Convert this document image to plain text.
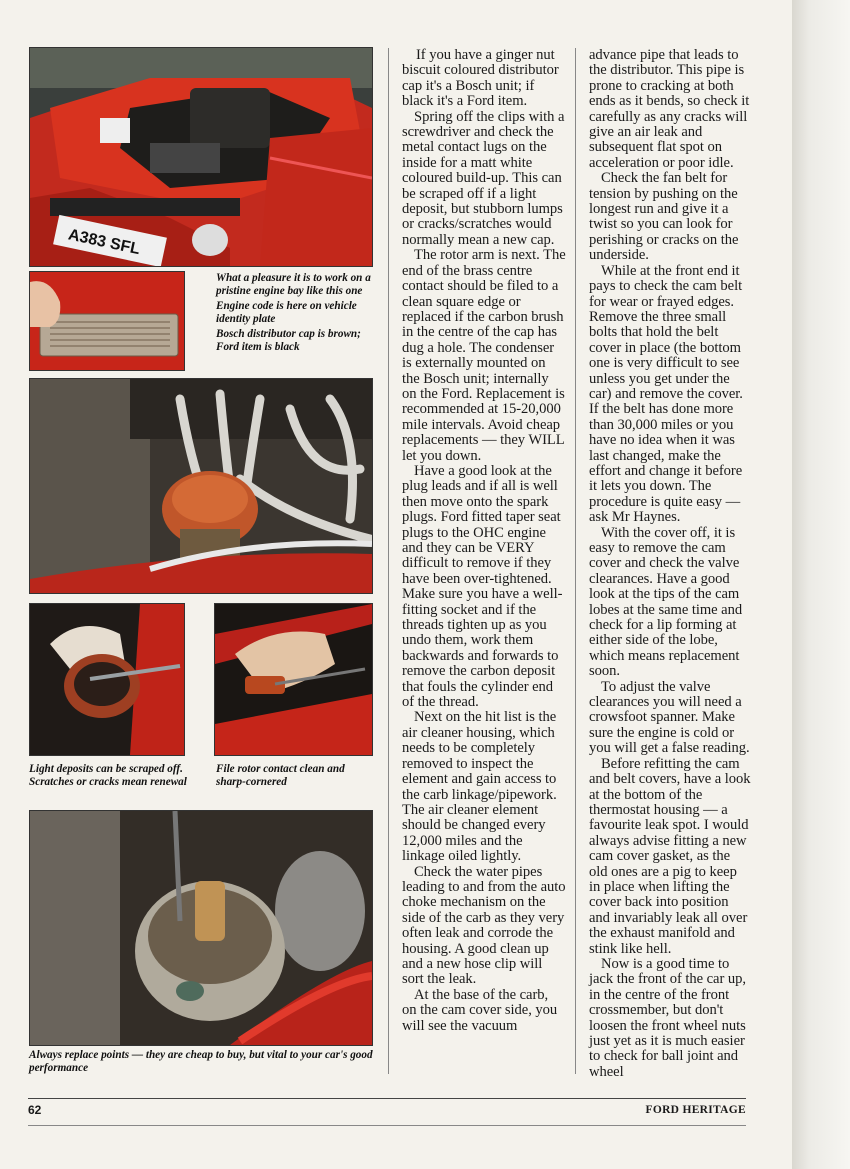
A383 SFL

What a pleasure it is to work on a pristine engine bay like this one

Engine code is here on vehicle identity plate

Bosch distributor cap is brown; Ford item is black

Light deposits can be scraped off. Scratches or cracks mean renewal
File rotor contact clean and sharp-cornered
Always replace points — they are cheap to buy, but vital to your car's good performance

If you have a ginger nut biscuit coloured distributor cap it's a Bosch unit; if black it's a Ford item.

Spring off the clips with a screwdriver and check the metal contact lugs on the inside for a matt white coloured build-up. This can be scraped off if a light deposit, but stubborn lumps or cracks/scratches would normally mean a new cap.

The rotor arm is next. The end of the brass centre contact should be filed to a clean square edge or replaced if the carbon brush in the centre of the cap has dug a hole. The condenser is externally mounted on the Bosch unit; internally on the Ford. Replacement is recommended at 15-20,000 mile intervals. Avoid cheap replacements — they WILL let you down.

Have a good look at the plug leads and if all is well then move onto the spark plugs. Ford fitted taper seat plugs to the OHC engine and they can be VERY difficult to remove if they have been over-tightened. Make sure you have a well-fitting socket and if the threads tighten up as you undo them, work them backwards and forwards to remove the carbon deposit that fouls the cylinder end of the thread.

Next on the hit list is the air cleaner housing, which needs to be completely removed to inspect the element and gain access to the carb linkage/pipework. The air cleaner element should be changed every 12,000 miles and the linkage oiled lightly.

Check the water pipes leading to and from the auto choke mechanism on the side of the carb as they very often leak and corrode the housing. A good clean up and a new hose clip will sort the leak.

At the base of the carb, on the cam cover side, you will see the vacuum

advance pipe that leads to the distributor. This pipe is prone to cracking at both ends as it bends, so check it carefully as any cracks will give an air leak and subsequent flat spot on acceleration or poor idle.

Check the fan belt for tension by pushing on the longest run and give it a twist so you can look for perishing or cracks on the underside.

While at the front end it pays to check the cam belt for wear or frayed edges. Remove the three small bolts that hold the belt cover in place (the bottom one is very difficult to see unless you get under the car) and remove the cover. If the belt has done more than 30,000 miles or you have no idea when it was last changed, make the effort and change it before it lets you down. The procedure is quite easy — ask Mr Haynes.

With the cover off, it is easy to remove the cam cover and check the valve clearances. Have a good look at the tips of the cam lobes at the same time and check for a lip forming at either side of the lobe, which means replacement soon.

To adjust the valve clearances you will need a crowsfoot spanner. Make sure the engine is cold or you will get a false reading.

Before refitting the cam and belt covers, have a look at the bottom of the thermostat housing — a favourite leak spot. I would always advise fitting a new cam cover gasket, as the old ones are a pig to keep in place when lifting the cover back into position and invariably leak all over the exhaust manifold and stink like hell.

Now is a good time to jack the front of the car up, in the centre of the front crossmember, but don't loosen the front wheel nuts just yet as it is much easier to check for ball joint and wheel

62	FORD HERITAGE
